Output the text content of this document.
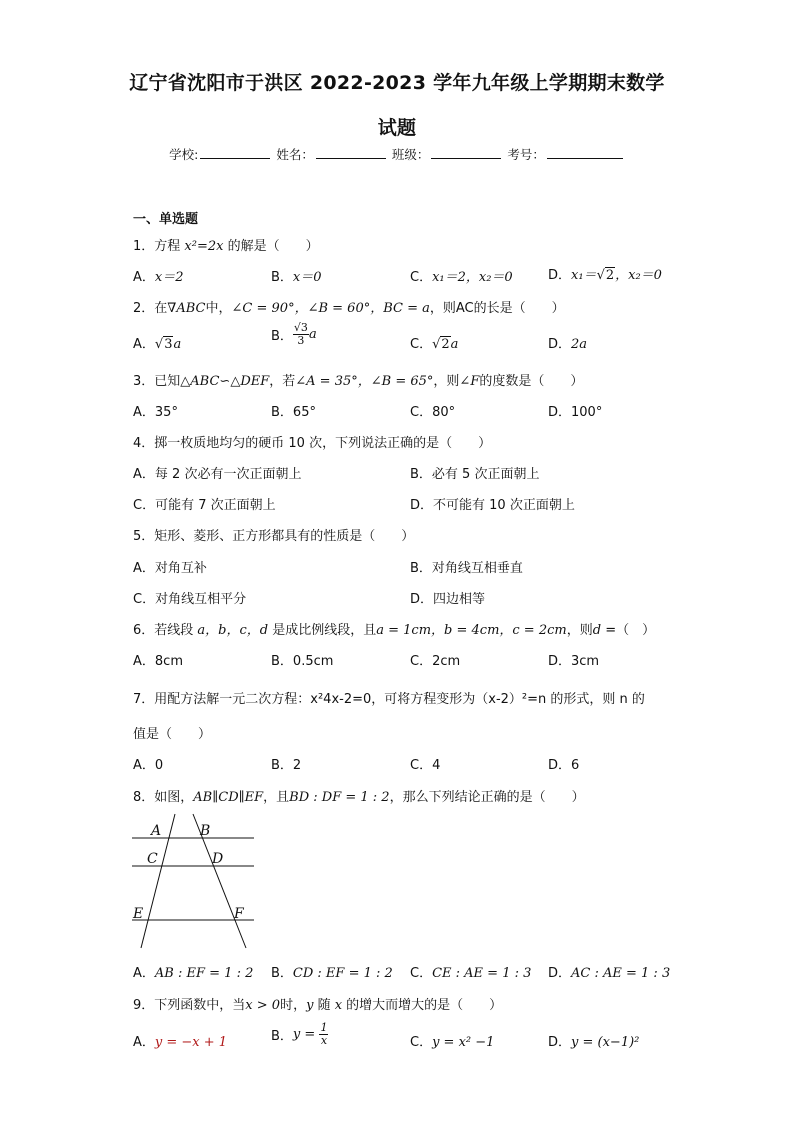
辽宁省沈阳市于洪区 2022-2023 学年九年级上学期期末数学
试题
学校:	姓名：	班级：	考号：
一、单选题
1．方程 x²=2x 的解是（　　）
A．x＝2	B．x＝0	C．x₁＝2，x₂＝0	D．x₁＝√2，x₂＝0
2．在∇ABC中，∠C = 90°，∠B = 60°，BC = a，则AC的长是（　　）
A．√3a
B． $\frac{√3}{3}$ a
C．√2a	D．2a
3．已知△ABC∽△DEF，若∠A = 35°，∠B = 65°，则∠F的度数是（　　）
A．35°	B．65°	C．80°	D．100°
4．掷一枚质地均匀的硬币 10 次，下列说法正确的是（　　）
A．每 2 次必有一次正面朝上	B．必有 5 次正面朝上
C．可能有 7 次正面朝上	D．不可能有 10 次正面朝上
5．矩形、菱形、正方形都具有的性质是（　　）
A．对角互补	B．对角线互相垂直
C．对角线互相平分	D．四边相等
6．若线段 a，b，c，d 是成比例线段，且a = 1cm，b = 4cm，c = 2cm，则d =（　）
A．8cm	B．0.5cm	C．2cm	D．3cm
7．用配方法解一元二次方程：x²4x-2=0，可将方程变形为（x-2）²=n 的形式，则 n 的
值是（　　）
A．0	B．2	C．4	D．6
8．如图，AB∥CD∥EF，且BD : DF = 1 : 2，那么下列结论正确的是（　　）
A	B
C	D
E	F
A．AB : EF = 1 : 2 B．CD : EF = 1 : 2 C．CE : AE = 1 : 3 D．AC : AE = 1 : 3
9．下列函数中，当x > 0时，y 随 x 的增大而增大的是（　　）
A．y = −x + 1	B．$y = \frac{1}{x}$	C．y = x² −1	D．y = (x−1)²
